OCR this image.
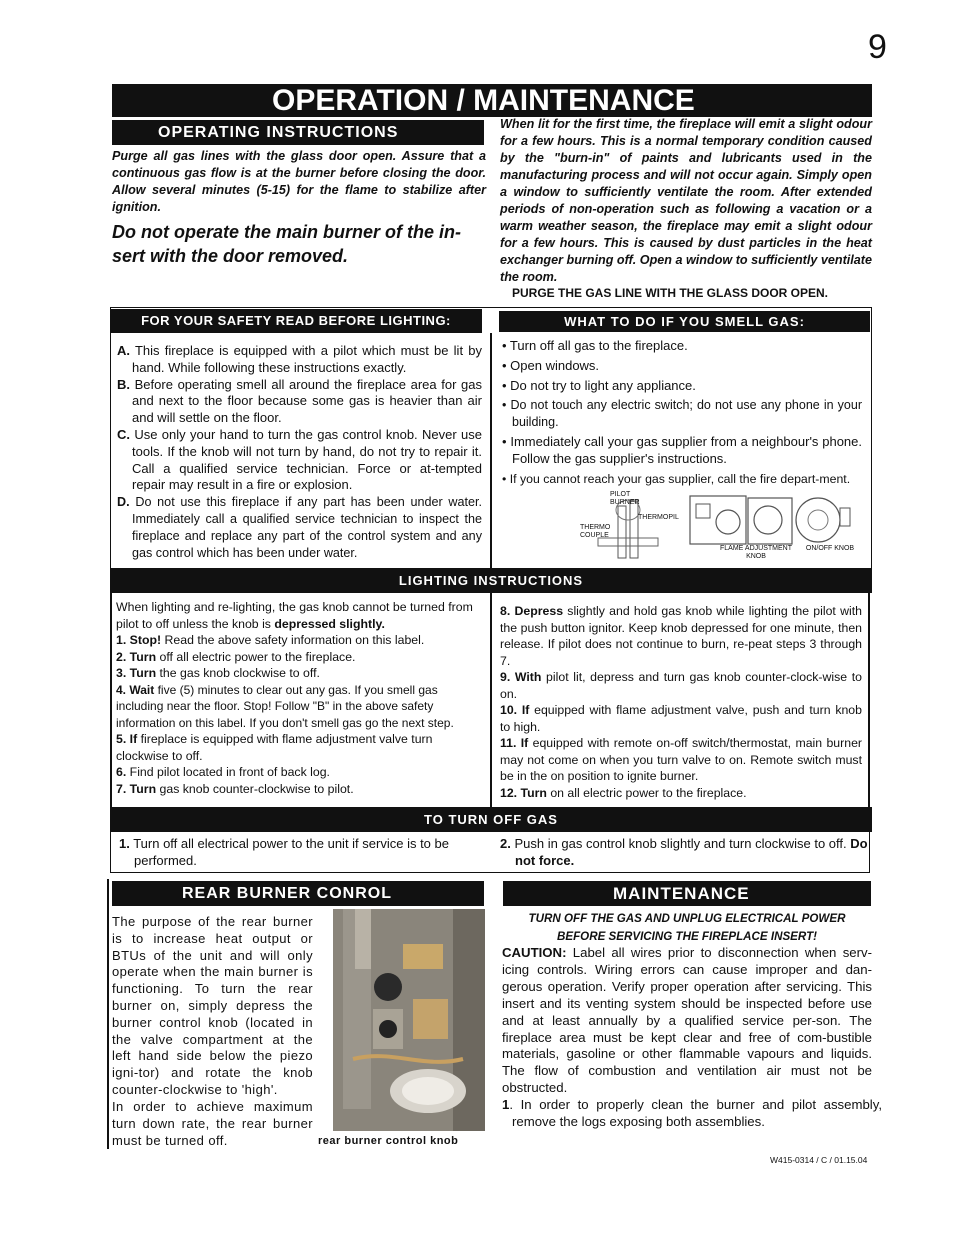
9
OPERATION / MAINTENANCE
OPERATING INSTRUCTIONS

Purge all gas lines with the glass door open. Assure that a continuous gas flow is at the burner before closing the door. Allow several minutes (5-15) for the flame to stabilize after ignition.

Do not operate the main burner of the in-sert with the door removed.

When lit for the first time, the fireplace will emit a slight odour for a few hours. This is a normal temporary condition caused by the "burn-in" of paints and lubricants used in the manufacturing process and will not occur again. Simply open a window to sufficiently ventilate the room. After extended periods of non-operation such as following a vacation or a warm weather season, the fireplace may emit a slight odour for a few hours. This is caused by dust particles in the heat exchanger burning off. Open a window to sufficiently ventilate the room.

PURGE THE GAS LINE WITH THE GLASS DOOR OPEN.

FOR YOUR SAFETY READ BEFORE LIGHTING:	WHAT TO DO IF YOU SMELL GAS:

A. This fireplace is equipped with a pilot which must be lit by hand. While following these instructions exactly.

B. Before operating smell all around the fireplace area for gas and next to the floor because some gas is heavier than air and will settle on the floor.

C. Use only your hand to turn the gas control knob. Never use tools. If the knob will not turn by hand, do not try to repair it. Call a qualified service technician. Force or at-tempted repair may result in a fire or explosion.

D. Do not use this fireplace if any part has been under water. Immediately call a qualified service technician to inspect the fireplace and replace any part of the control system and any gas control which has been under water.

• Turn off all gas to the fireplace.

• Open windows.

• Do not try to light any appliance.

• Do not touch any electric switch; do not use any phone in your building.

• Immediately call your gas supplier from a neighbour's phone. Follow the gas supplier's instructions.

• If you cannot reach your gas supplier, call the fire depart-ment.

PILOT BURNER
THERMOPIL
THERMO COUPLE
FLAME ADJUSTMENT KNOB
ON/OFF KNOB
LIGHTING INSTRUCTIONS

When lighting and re-lighting, the gas knob cannot be turned from pilot to off unless the knob is depressed slightly.

1. Stop! Read the above safety information on this label.

2. Turn off all electric power to the fireplace.

3. Turn the gas knob clockwise to off.

4. Wait five (5) minutes to clear out any gas. If you smell gas including near the floor. Stop! Follow "B" in the above safety information on this label. If you don't smell gas go the next step.

5. If fireplace is equipped with flame adjustment valve turn clockwise to off.

6. Find pilot located in front of back log.

7. Turn gas knob counter-clockwise to pilot.

8. Depress slightly and hold gas knob while lighting the pilot with the push button ignitor. Keep knob depressed for one minute, then release. If pilot does not continue to burn, re-peat steps 3 through 7.

9. With pilot lit, depress and turn gas knob counter-clock-wise to on.

10. If equipped with flame adjustment valve, push and turn knob to high.

11. If equipped with remote on-off switch/thermostat, main burner may not come on when you turn valve to on. Remote switch must be in the on position to ignite burner.

12. Turn on all electric power to the fireplace.

TO TURN OFF GAS

1. Turn off all electrical power to the unit if service is to be performed.

2. Push in gas control knob slightly and turn clockwise to off. Do not force.

REAR BURNER CONROL

The purpose of the rear burner is to increase heat output or BTUs of the unit and will only operate when the main burner is functioning. To turn the rear burner on, simply depress the burner control knob (located in the valve compartment at the left hand side below the piezo igni-tor) and rotate the knob counter-clockwise to 'high'.

In order to achieve maximum turn down rate, the rear burner must be turned off.	rear burner control knob

MAINTENANCE

TURN OFF THE GAS AND UNPLUG ELECTRICAL POWER BEFORE SERVICING THE FIREPLACE INSERT!

CAUTION: Label all wires prior to disconnection when serv-icing controls. Wiring errors can cause improper and dan-gerous operation. Verify proper operation after servicing. This insert and its venting system should be inspected before use and at least annually by a qualified service per-son. The fireplace area must be kept clear and free of com-bustible materials, gasoline or other flammable vapours and liquids. The flow of combustion and ventilation air must not be obstructed.

1. In order to properly clean the burner and pilot assembly, remove the logs exposing both assemblies.

W415-0314 / C / 01.15.04
